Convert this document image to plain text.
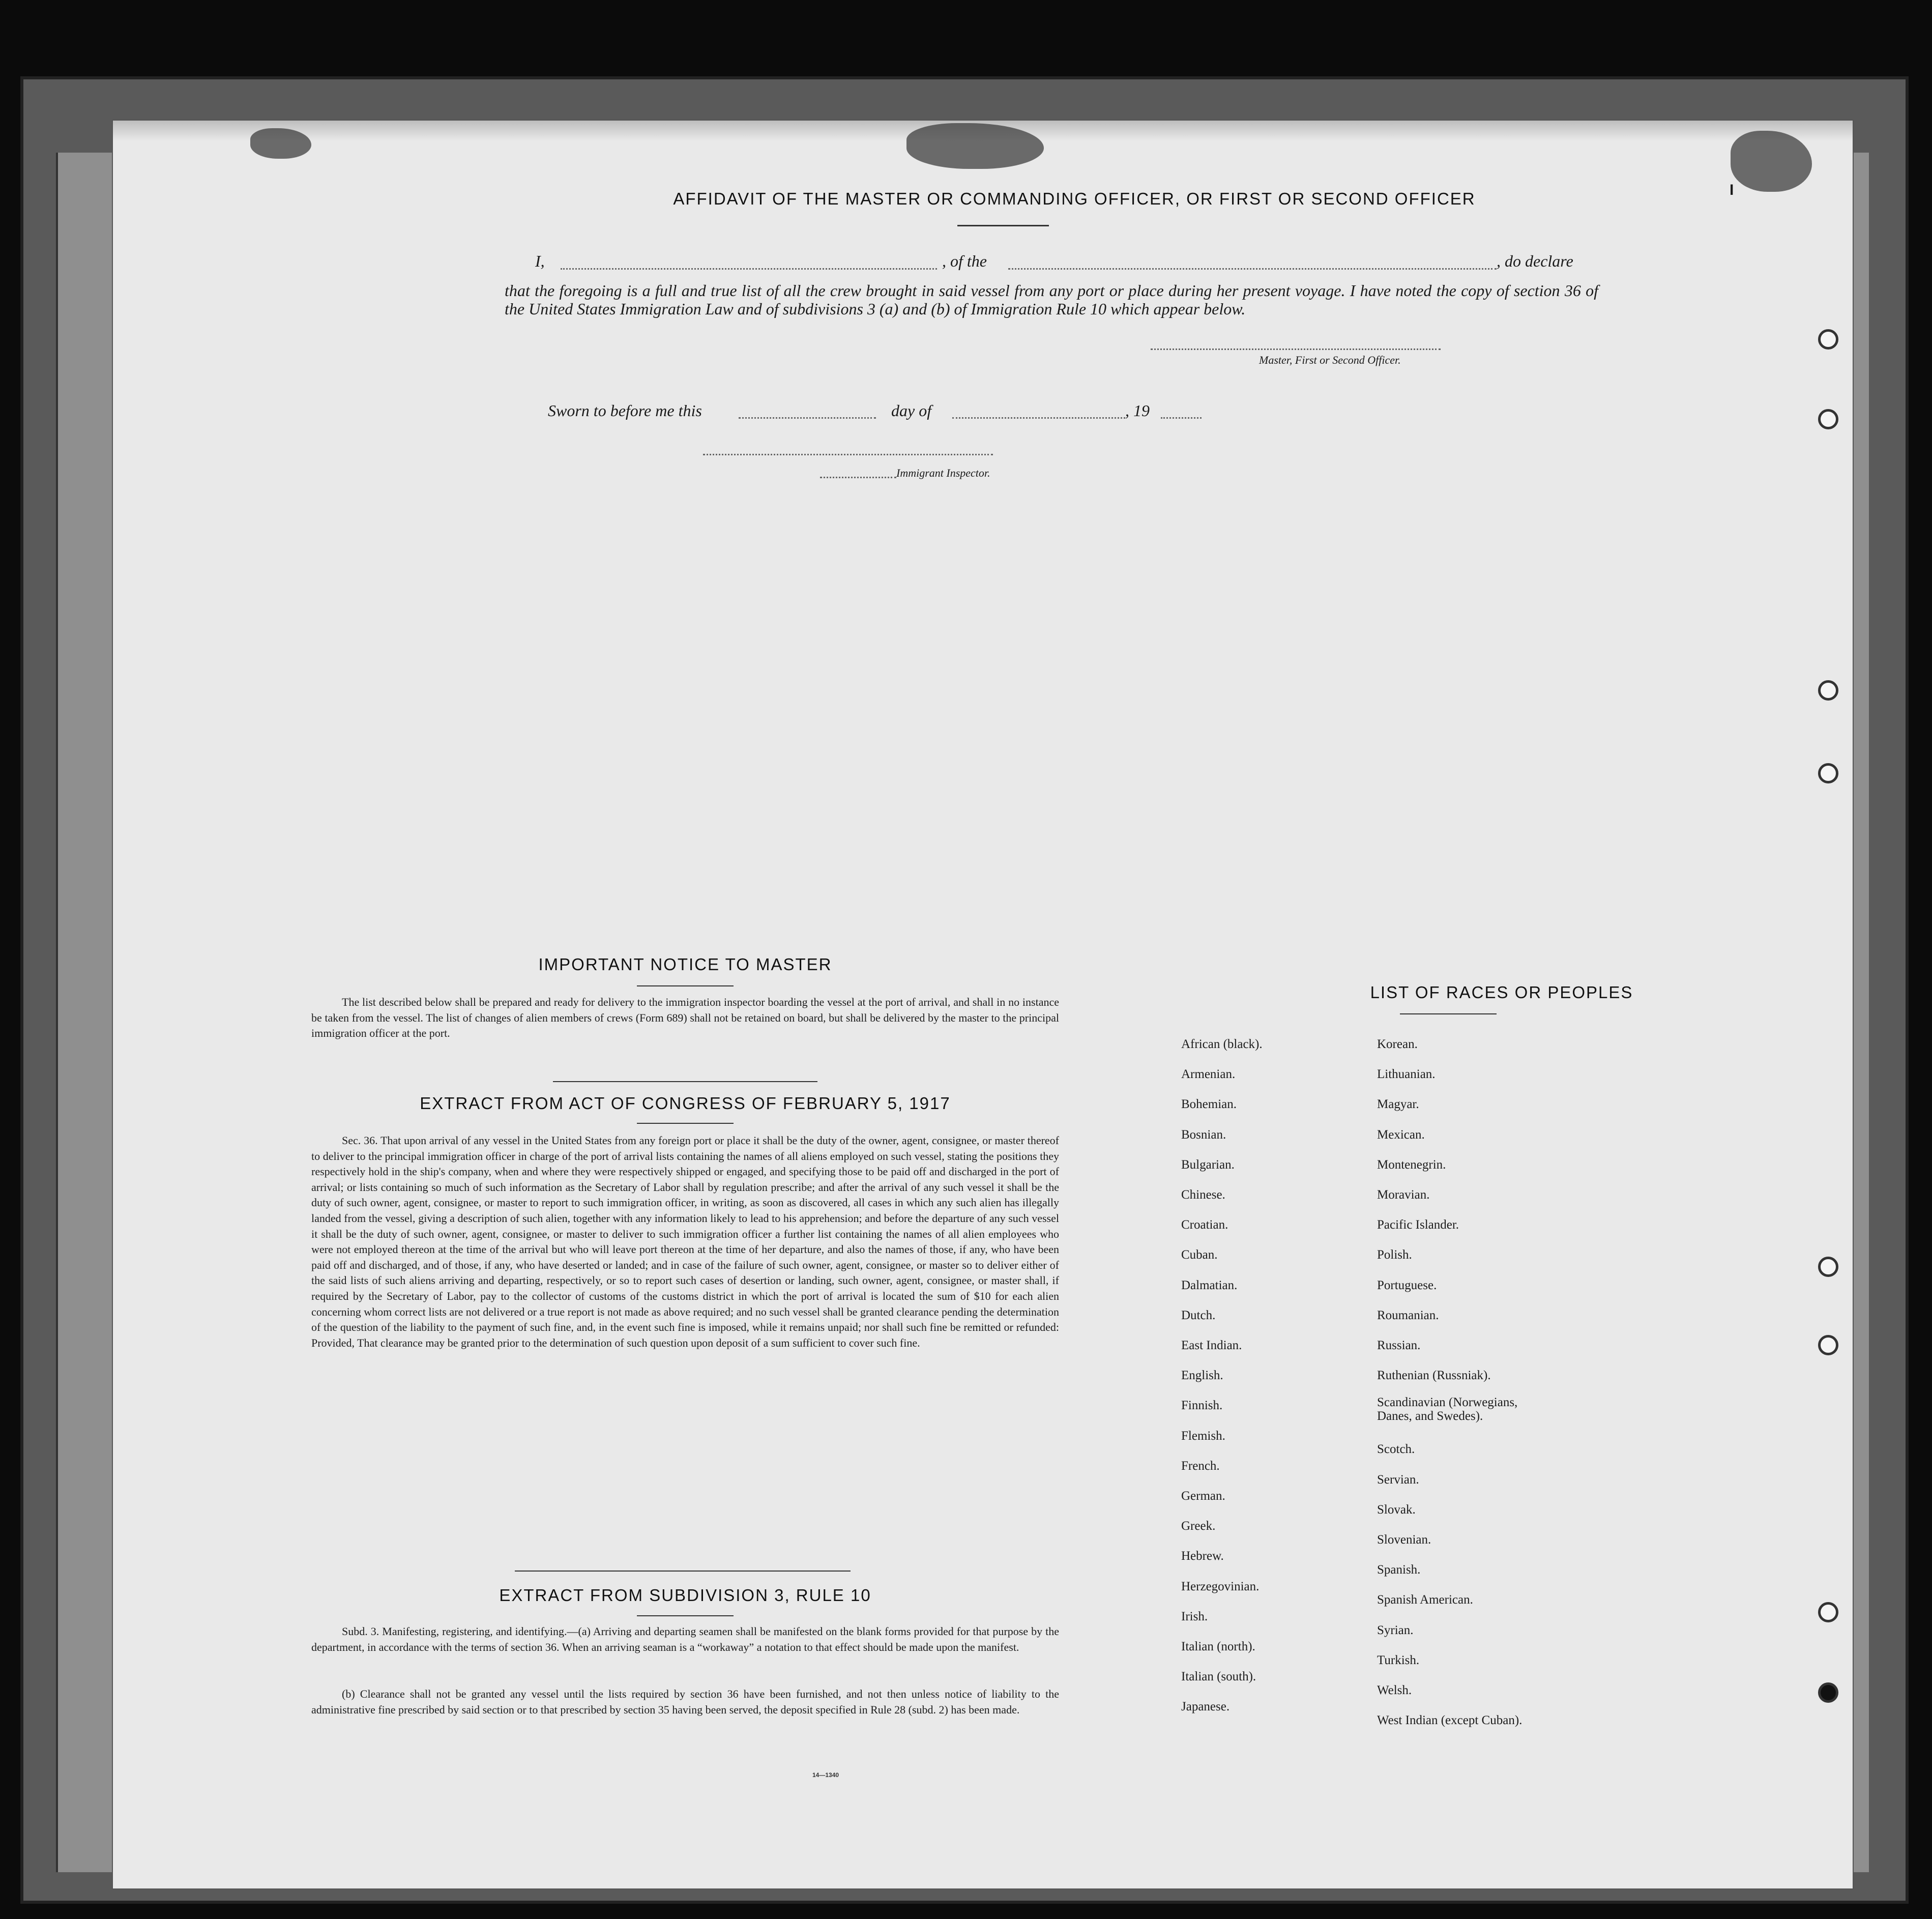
I
AFFIDAVIT OF THE MASTER OR COMMANDING OFFICER, OR FIRST OR SECOND OFFICER
I,	, of the	, do declare
that the foregoing is a full and true list of all the crew brought in said vessel from any port or place during her present voyage. I have noted the copy of section 36 of the United States Immigration Law and of subdivisions 3 (a) and (b) of Immigration Rule 10 which appear below.
Master, First or Second Officer.
Sworn to before me this	day of	, 19
Immigrant Inspector.
IMPORTANT NOTICE TO MASTER
The list described below shall be prepared and ready for delivery to the immigration inspector boarding the vessel at the port of arrival, and shall in no instance be taken from the vessel. The list of changes of alien members of crews (Form 689) shall not be retained on board, but shall be delivered by the master to the principal immigration officer at the port.
EXTRACT FROM ACT OF CONGRESS OF FEBRUARY 5, 1917
Sec. 36. That upon arrival of any vessel in the United States from any foreign port or place it shall be the duty of the owner, agent, consignee, or master thereof to deliver to the principal immigration officer in charge of the port of arrival lists containing the names of all aliens employed on such vessel, stating the positions they respectively hold in the ship's company, when and where they were respectively shipped or engaged, and specifying those to be paid off and discharged in the port of arrival; or lists containing so much of such information as the Secretary of Labor shall by regulation prescribe; and after the arrival of any such vessel it shall be the duty of such owner, agent, consignee, or master to report to such immigration officer, in writing, as soon as discovered, all cases in which any such alien has illegally landed from the vessel, giving a description of such alien, together with any information likely to lead to his apprehension; and before the departure of any such vessel it shall be the duty of such owner, agent, consignee, or master to deliver to such immigration officer a further list containing the names of all alien employees who were not employed thereon at the time of the arrival but who will leave port thereon at the time of her departure, and also the names of those, if any, who have been paid off and discharged, and of those, if any, who have deserted or landed; and in case of the failure of such owner, agent, consignee, or master so to deliver either of the said lists of such aliens arriving and departing, respectively, or so to report such cases of desertion or landing, such owner, agent, consignee, or master shall, if required by the Secretary of Labor, pay to the collector of customs of the customs district in which the port of arrival is located the sum of $10 for each alien concerning whom correct lists are not delivered or a true report is not made as above required; and no such vessel shall be granted clearance pending the determination of the question of the liability to the payment of such fine, and, in the event such fine is imposed, while it remains unpaid; nor shall such fine be remitted or refunded: Provided, That clearance may be granted prior to the determination of such question upon deposit of a sum sufficient to cover such fine.
EXTRACT FROM SUBDIVISION 3, RULE 10
Subd. 3. Manifesting, registering, and identifying.—(a) Arriving and departing seamen shall be manifested on the blank forms provided for that purpose by the department, in accordance with the terms of section 36. When an arriving seaman is a “workaway” a notation to that effect should be made upon the manifest.
(b) Clearance shall not be granted any vessel until the lists required by section 36 have been furnished, and not then unless notice of liability to the administrative fine prescribed by said section or to that prescribed by section 35 having been served, the deposit specified in Rule 28 (subd. 2) has been made.
14—1340
LIST OF RACES OR PEOPLES
African (black).
Armenian.
Bohemian.
Bosnian.
Bulgarian.
Chinese.
Croatian.
Cuban.
Dalmatian.
Dutch.
East Indian.
English.
Finnish.
Flemish.
French.
German.
Greek.
Hebrew.
Herzegovinian.
Irish.
Italian (north).
Italian (south).
Japanese.
Korean.
Lithuanian.
Magyar.
Mexican.
Montenegrin.
Moravian.
Pacific Islander.
Polish.
Portuguese.
Roumanian.
Russian.
Ruthenian (Russniak).
Scandinavian (Norwegians, Danes, and Swedes).
Scotch.
Servian.
Slovak.
Slovenian.
Spanish.
Spanish American.
Syrian.
Turkish.
Welsh.
West Indian (except Cuban).
